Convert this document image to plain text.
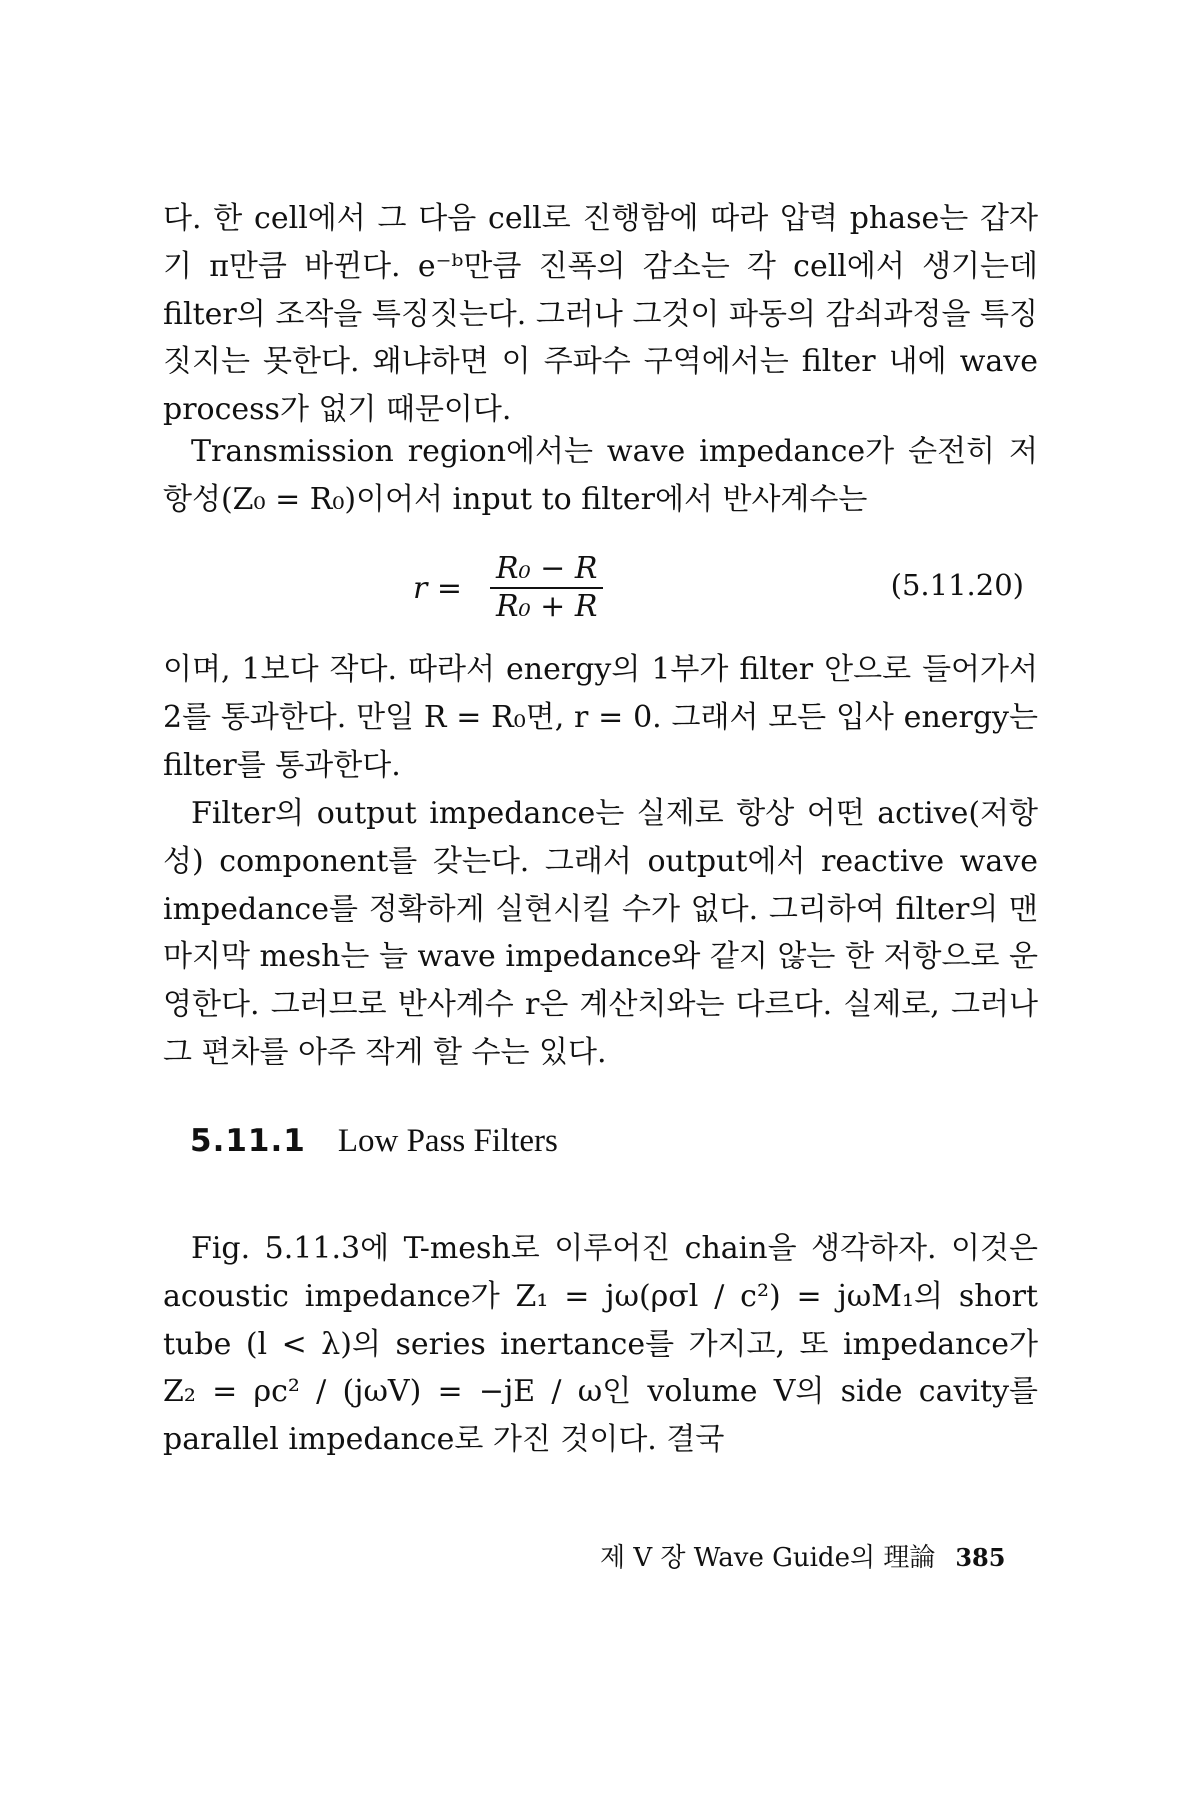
다. 한 cell에서 그 다음 cell로 진행함에 따라 압력 phase는 갑자기 π만큼 바뀐다. e⁻ᵇ만큼 진폭의 감소는 각 cell에서 생기는데 filter의 조작을 특징짓는다. 그러나 그것이 파동의 감쇠과정을 특징짓지는 못한다. 왜냐하면 이 주파수 구역에서는 filter 내에 wave process가 없기 때문이다.

Transmission region에서는 wave impedance가 순전히 저항성(Z₀ = R₀)이어서 input to filter에서 반사계수는

$r = \frac{\text{R₀ − R}}{\text{R₀ + R}}$	(5.11.20)

이며, 1보다 작다. 따라서 energy의 1부가 filter 안으로 들어가서 2를 통과한다. 만일 R = R₀면, r = 0. 그래서 모든 입사 energy는 filter를 통과한다.

Filter의 output impedance는 실제로 항상 어떤 active(저항성) component를 갖는다. 그래서 output에서 reactive wave impedance를 정확하게 실현시킬 수가 없다. 그리하여 filter의 맨 마지막 mesh는 늘 wave impedance와 같지 않는 한 저항으로 운영한다. 그러므로 반사계수 r은 계산치와는 다르다. 실제로, 그러나 그 편차를 아주 작게 할 수는 있다.

5.11.1 Low Pass Filters

Fig. 5.11.3에 T-mesh로 이루어진 chain을 생각하자. 이것은 acoustic impedance가 Z₁ = jω(ρσl / c²) = jωM₁의 short tube (l < λ)의 series inertance를 가지고, 또 impedance가 Z₂ = ρc² / (jωV) = −jE / ω인 volume V의 side cavity를 parallel impedance로 가진 것이다. 결국

제 V 장 Wave Guide의 理論 385
